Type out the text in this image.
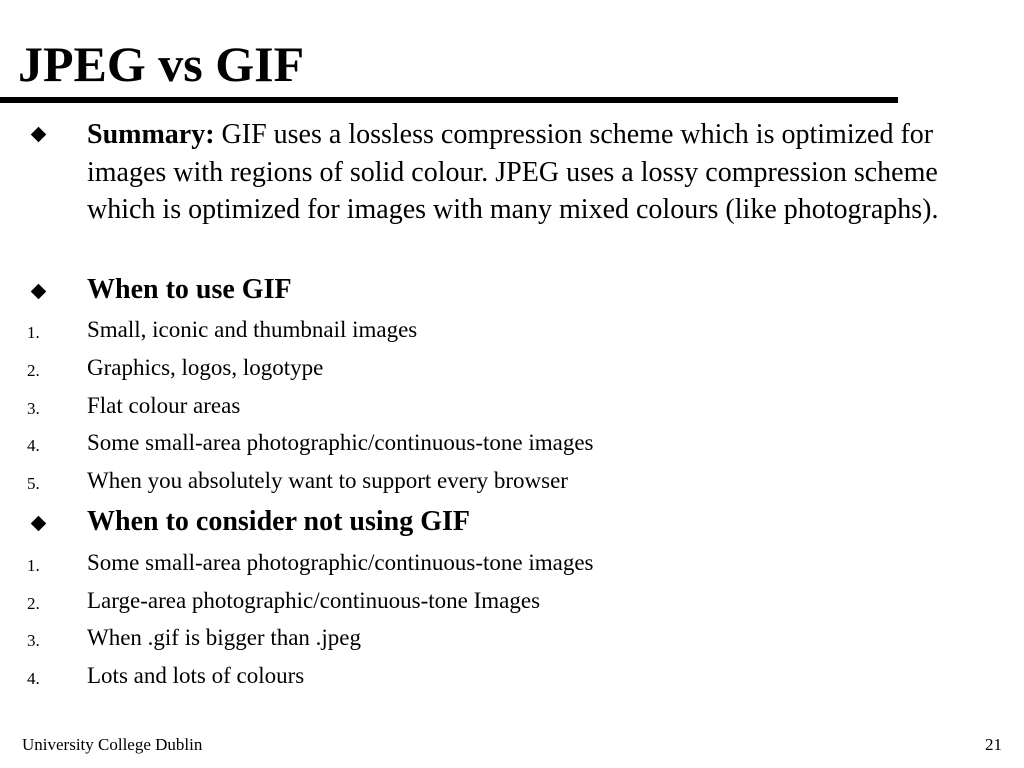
JPEG vs GIF
Summary: GIF uses a lossless compression scheme which is optimized for images with regions of solid colour. JPEG uses a lossy compression scheme which is optimized for images with many mixed colours (like photographs).
When to use GIF
1. Small, iconic and thumbnail images
2. Graphics, logos, logotype
3. Flat colour areas
4. Some small-area photographic/continuous-tone images
5. When you absolutely want to support every browser
When to consider not using GIF
1. Some small-area photographic/continuous-tone images
2. Large-area photographic/continuous-tone Images
3. When .gif is bigger than .jpeg
4. Lots and lots of colours
University College Dublin	21
